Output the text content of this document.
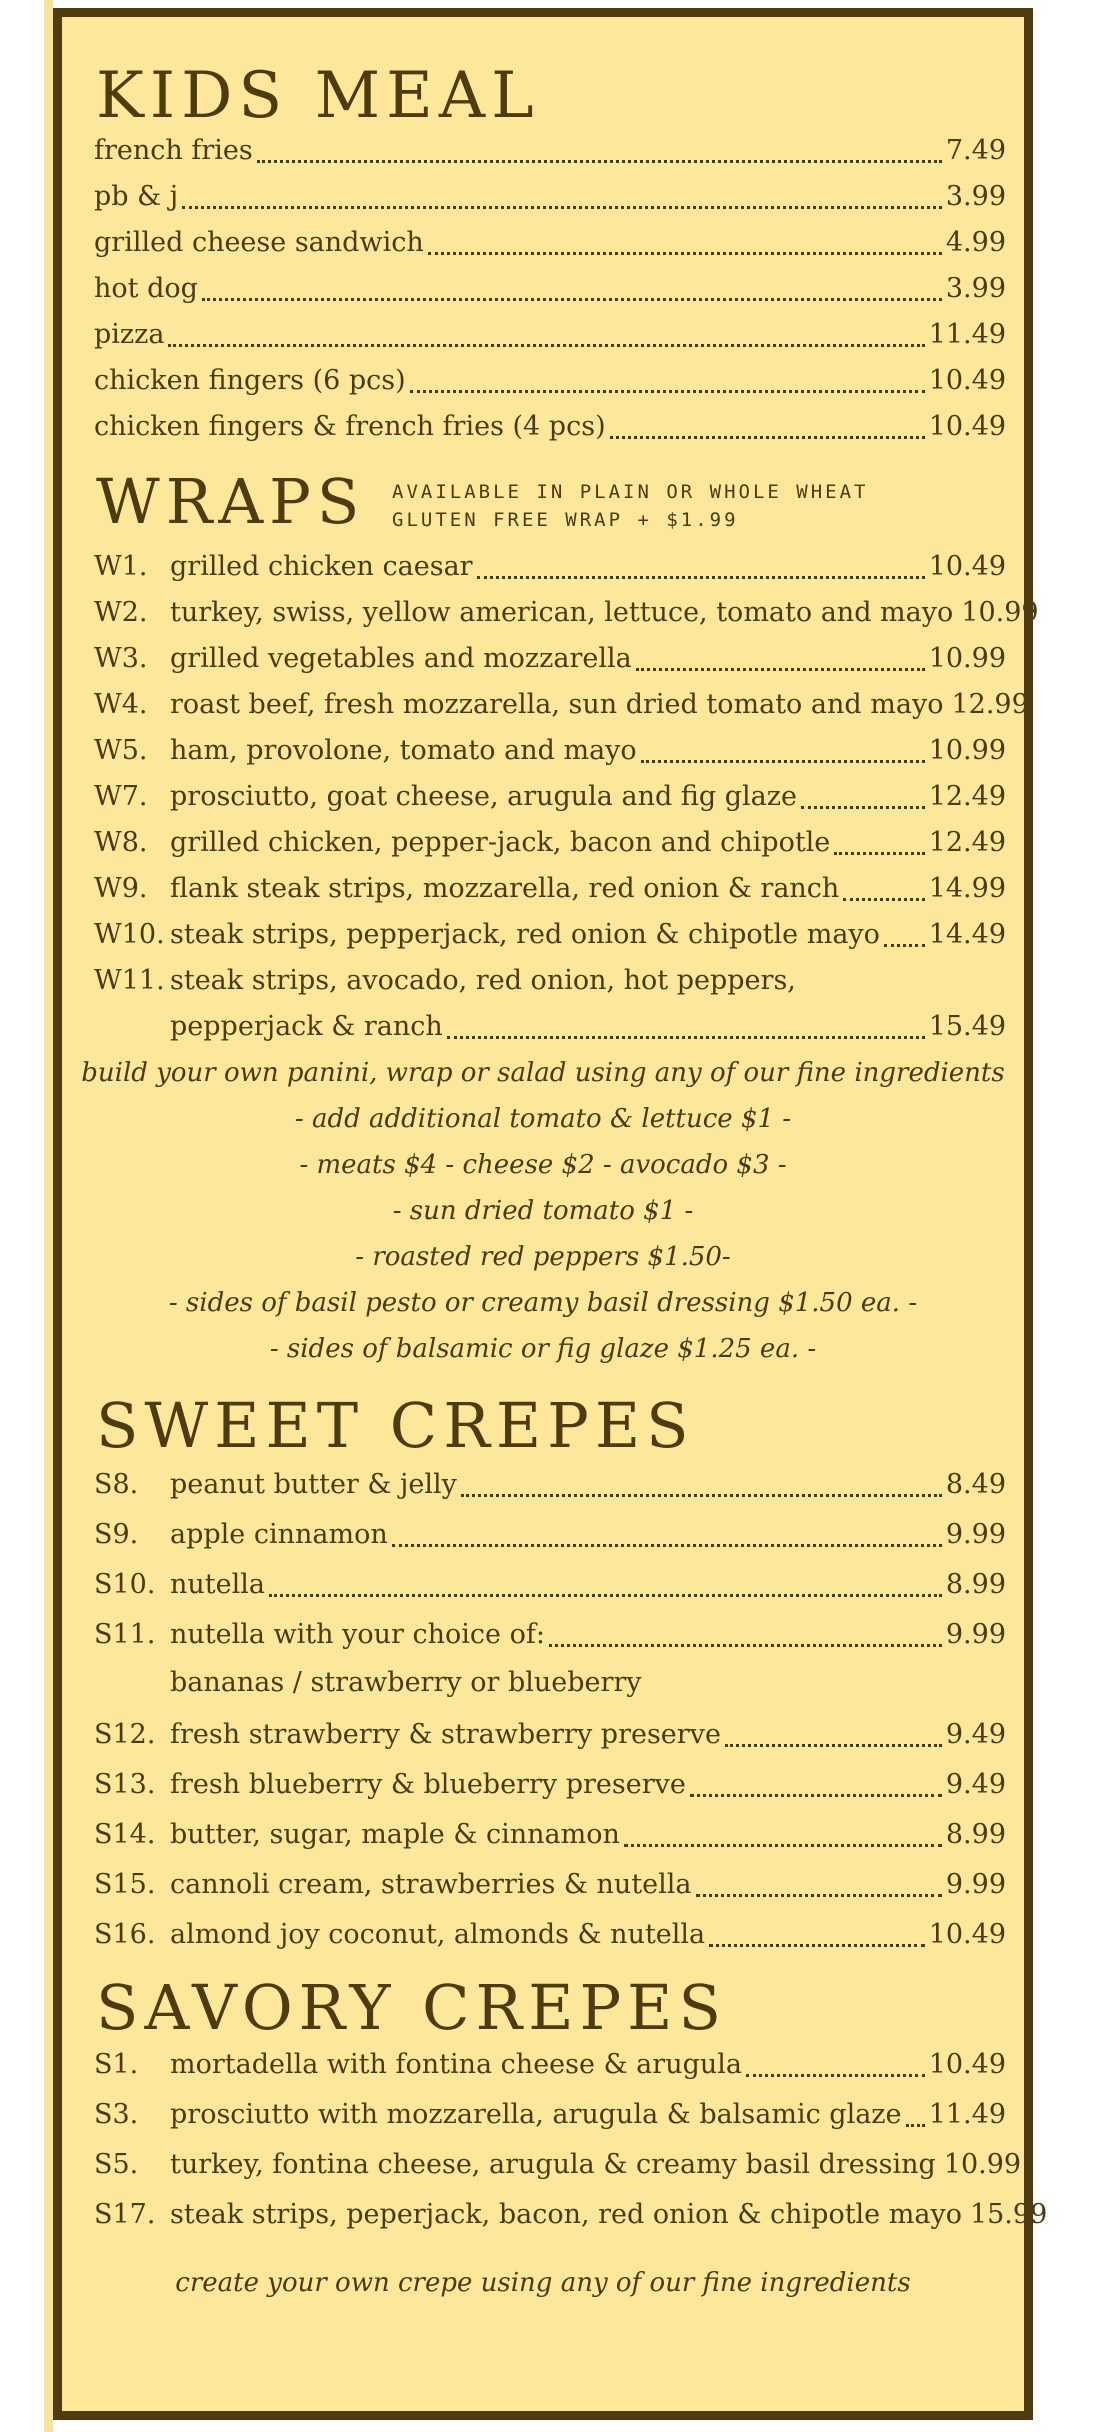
KIDS MEAL
french fries	7.49
pb & j	3.99
grilled cheese sandwich	4.99
hot dog	3.99
pizza	11.49
chicken fingers (6 pcs)	10.49
chicken fingers & french fries (4 pcs)	10.49
WRAPS AVAILABLE IN PLAIN OR WHOLE WHEAT
GLUTEN FREE WRAP + $1.99
W1. grilled chicken caesar	10.49
W2. turkey, swiss, yellow american, lettuce, tomato and mayo 10.99
W3. grilled vegetables and mozzarella	10.99
W4. roast beef, fresh mozzarella, sun dried tomato and mayo 12.99
W5. ham, provolone, tomato and mayo	10.99
W7. prosciutto, goat cheese, arugula and fig glaze	12.49
W8. grilled chicken, pepper-jack, bacon and chipotle	12.49
W9. flank steak strips, mozzarella, red onion & ranch	14.99
W10. steak strips, pepperjack, red onion & chipotle mayo 14.49
W11. steak strips, avocado, red onion, hot peppers,
pepperjack & ranch	15.49
build your own panini, wrap or salad using any of our fine ingredients
- add additional tomato & lettuce $1 -
- meats $4 - cheese $2 - avocado $3 -
- sun dried tomato $1 -
- roasted red peppers $1.50-
- sides of basil pesto or creamy basil dressing $1.50 ea. -
- sides of balsamic or fig glaze $1.25 ea. -
SWEET CREPES
S8.	peanut butter & jelly	8.49
S9.	apple cinnamon	9.99
S10. nutella	8.99
S11. nutella with your choice of:	9.99
bananas / strawberry or blueberry
S12. fresh strawberry & strawberry preserve	9.49
S13. fresh blueberry & blueberry preserve	9.49
S14. butter, sugar, maple & cinnamon	8.99
S15. cannoli cream, strawberries & nutella	9.99
S16. almond joy coconut, almonds & nutella	10.49
SAVORY CREPES
S1.	mortadella with fontina cheese & arugula	10.49
S3.	prosciutto with mozzarella, arugula & balsamic glaze 11.49
S5.	turkey, fontina cheese, arugula & creamy basil dressing 10.99
S17. steak strips, peperjack, bacon, red onion & chipotle mayo 15.99
create your own crepe using any of our fine ingredients
